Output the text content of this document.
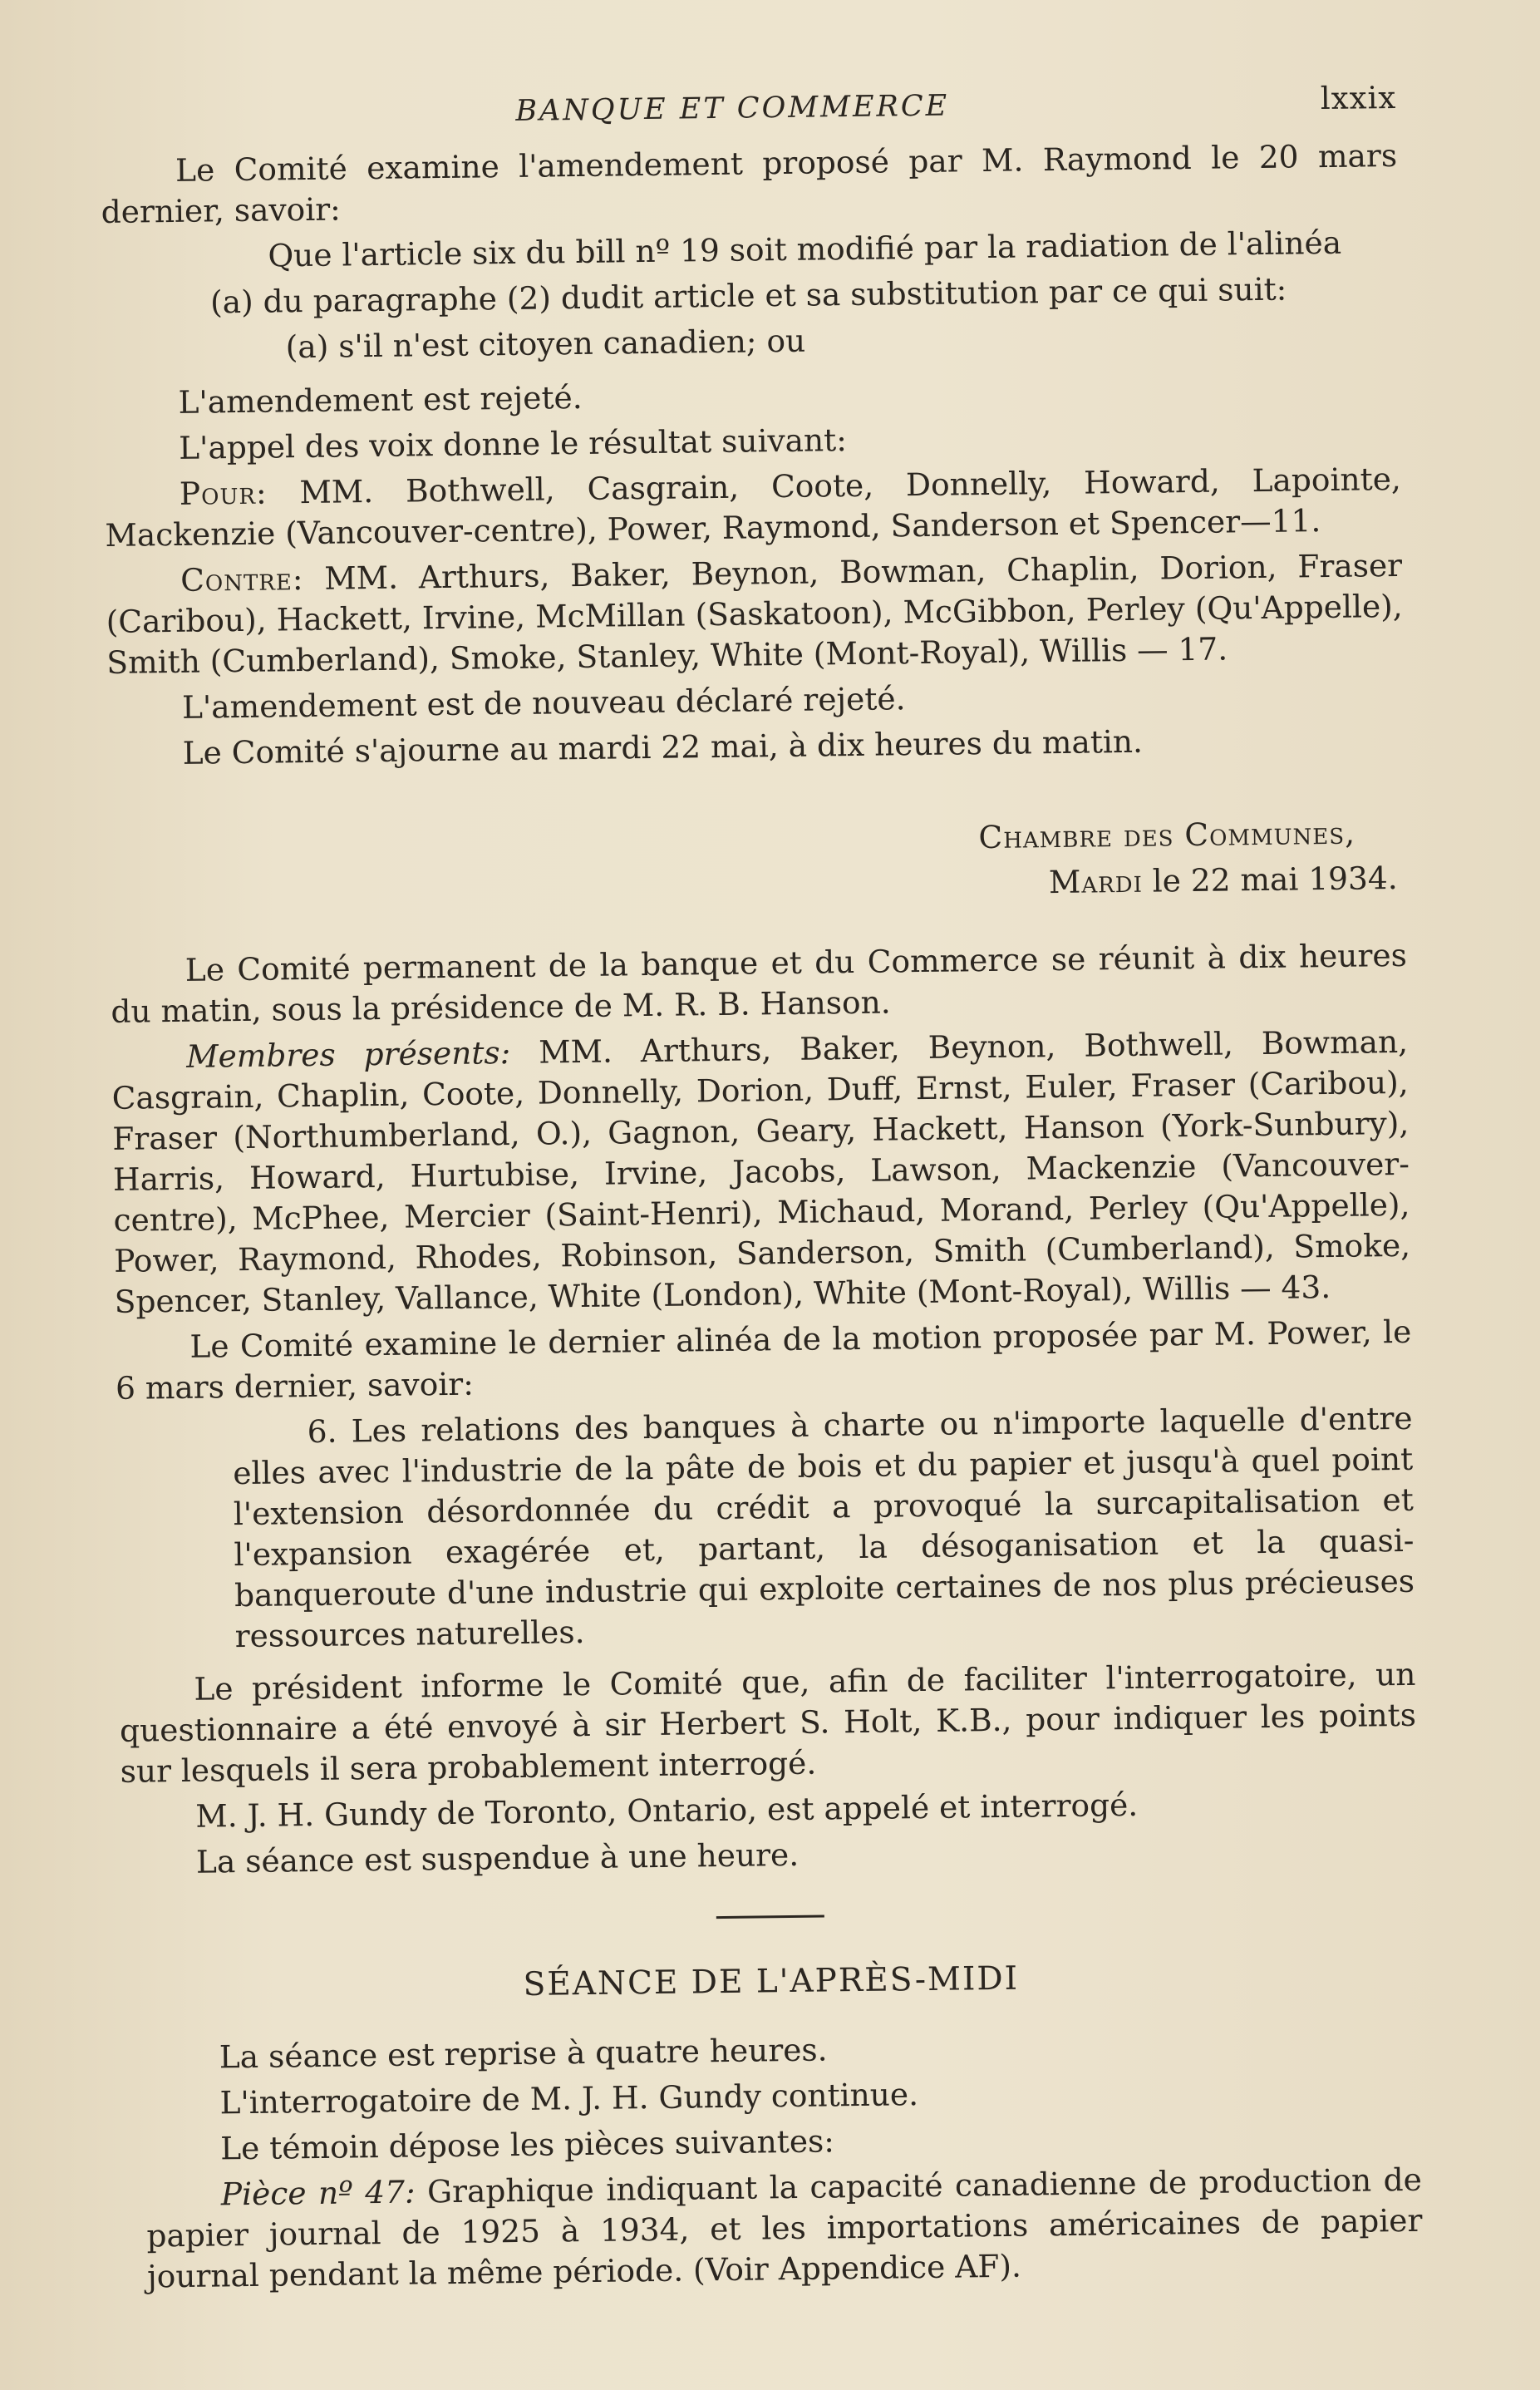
BANQUE ET COMMERCE	lxxix

Le Comité examine l'amendement proposé par M. Raymond le 20 mars dernier, savoir:

Que l'article six du bill nº 19 soit modifié par la radiation de l'alinéa

(a) du paragraphe (2) dudit article et sa substitution par ce qui suit:

(a) s'il n'est citoyen canadien; ou

L'amendement est rejeté.

L'appel des voix donne le résultat suivant:

Pour: MM. Bothwell, Casgrain, Coote, Donnelly, Howard, Lapointe, Mackenzie (Vancouver-centre), Power, Raymond, Sanderson et Spencer—11.

Contre: MM. Arthurs, Baker, Beynon, Bowman, Chaplin, Dorion, Fraser (Caribou), Hackett, Irvine, McMillan (Saskatoon), McGibbon, Perley (Qu'Appelle), Smith (Cumberland), Smoke, Stanley, White (Mont-Royal), Willis — 17.

L'amendement est de nouveau déclaré rejeté.

Le Comité s'ajourne au mardi 22 mai, à dix heures du matin.

Chambre des Communes,

Mardi le 22 mai 1934.

Le Comité permanent de la banque et du Commerce se réunit à dix heures du matin, sous la présidence de M. R. B. Hanson.

Membres présents: MM. Arthurs, Baker, Beynon, Bothwell, Bowman, Casgrain, Chaplin, Coote, Donnelly, Dorion, Duff, Ernst, Euler, Fraser (Caribou), Fraser (Northumberland, O.), Gagnon, Geary, Hackett, Hanson (York-Sunbury), Harris, Howard, Hurtubise, Irvine, Jacobs, Lawson, Mackenzie (Vancouver-centre), McPhee, Mercier (Saint-Henri), Michaud, Morand, Perley (Qu'Appelle), Power, Raymond, Rhodes, Robinson, Sanderson, Smith (Cumberland), Smoke, Spencer, Stanley, Vallance, White (London), White (Mont-Royal), Willis — 43.

Le Comité examine le dernier alinéa de la motion proposée par M. Power, le 6 mars dernier, savoir:

6. Les relations des banques à charte ou n'importe laquelle d'entre elles avec l'industrie de la pâte de bois et du papier et jusqu'à quel point l'extension désordonnée du crédit a provoqué la surcapitalisation et l'expansion exagérée et, partant, la désoganisation et la quasi-banqueroute d'une industrie qui exploite certaines de nos plus précieuses ressources naturelles.

Le président informe le Comité que, afin de faciliter l'interrogatoire, un questionnaire a été envoyé à sir Herbert S. Holt, K.B., pour indiquer les points sur lesquels il sera probablement interrogé.

M. J. H. Gundy de Toronto, Ontario, est appelé et interrogé.

La séance est suspendue à une heure.

SÉANCE DE L'APRÈS-MIDI

La séance est reprise à quatre heures.

L'interrogatoire de M. J. H. Gundy continue.

Le témoin dépose les pièces suivantes:

Pièce nº 47: Graphique indiquant la capacité canadienne de production de papier journal de 1925 à 1934, et les importations américaines de papier journal pendant la même période. (Voir Appendice AF).
